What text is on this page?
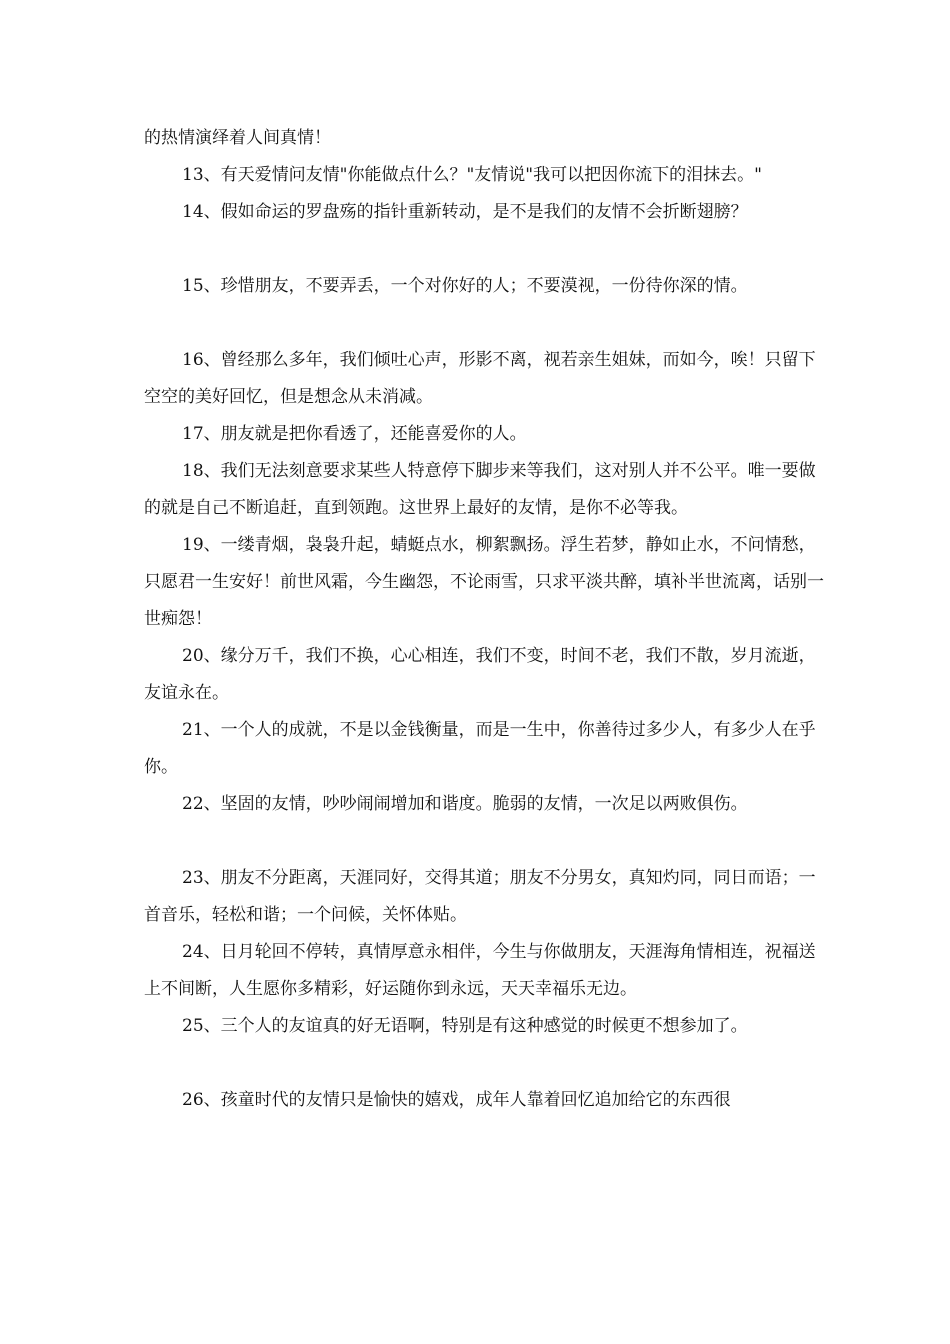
的热情演绎着人间真情！

13、有天爱情问友情"你能做点什么？"友情说"我可以把因你流下的泪抹去。"

14、假如命运的罗盘殇的指针重新转动，是不是我们的友情不会折断翅膀？

15、珍惜朋友，不要弄丢，一个对你好的人；不要漠视，一份待你深的情。

16、曾经那么多年，我们倾吐心声，形影不离，视若亲生姐妹，而如今，唉！只留下空空的美好回忆，但是想念从未消减。

17、朋友就是把你看透了，还能喜爱你的人。

18、我们无法刻意要求某些人特意停下脚步来等我们，这对别人并不公平。唯一要做的就是自己不断追赶，直到领跑。这世界上最好的友情，是你不必等我。

19、一缕青烟，袅袅升起，蜻蜓点水，柳絮飘扬。浮生若梦，静如止水，不问情愁，只愿君一生安好！前世风霜，今生幽怨，不论雨雪，只求平淡共醉，填补半世流离，话别一世痴怨！

20、缘分万千，我们不换，心心相连，我们不变，时间不老，我们不散，岁月流逝，友谊永在。

21、一个人的成就，不是以金钱衡量，而是一生中，你善待过多少人，有多少人在乎你。

22、坚固的友情，吵吵闹闹增加和谐度。脆弱的友情，一次足以两败俱伤。

23、朋友不分距离，天涯同好，交得其道；朋友不分男女，真知灼同，同日而语；一首音乐，轻松和谐；一个问候，关怀体贴。

24、日月轮回不停转，真情厚意永相伴，今生与你做朋友，天涯海角情相连，祝福送上不间断，人生愿你多精彩，好运随你到永远，天天幸福乐无边。

25、三个人的友谊真的好无语啊，特别是有这种感觉的时候更不想参加了。

26、孩童时代的友情只是愉快的嬉戏，成年人靠着回忆追加给它的东西很
